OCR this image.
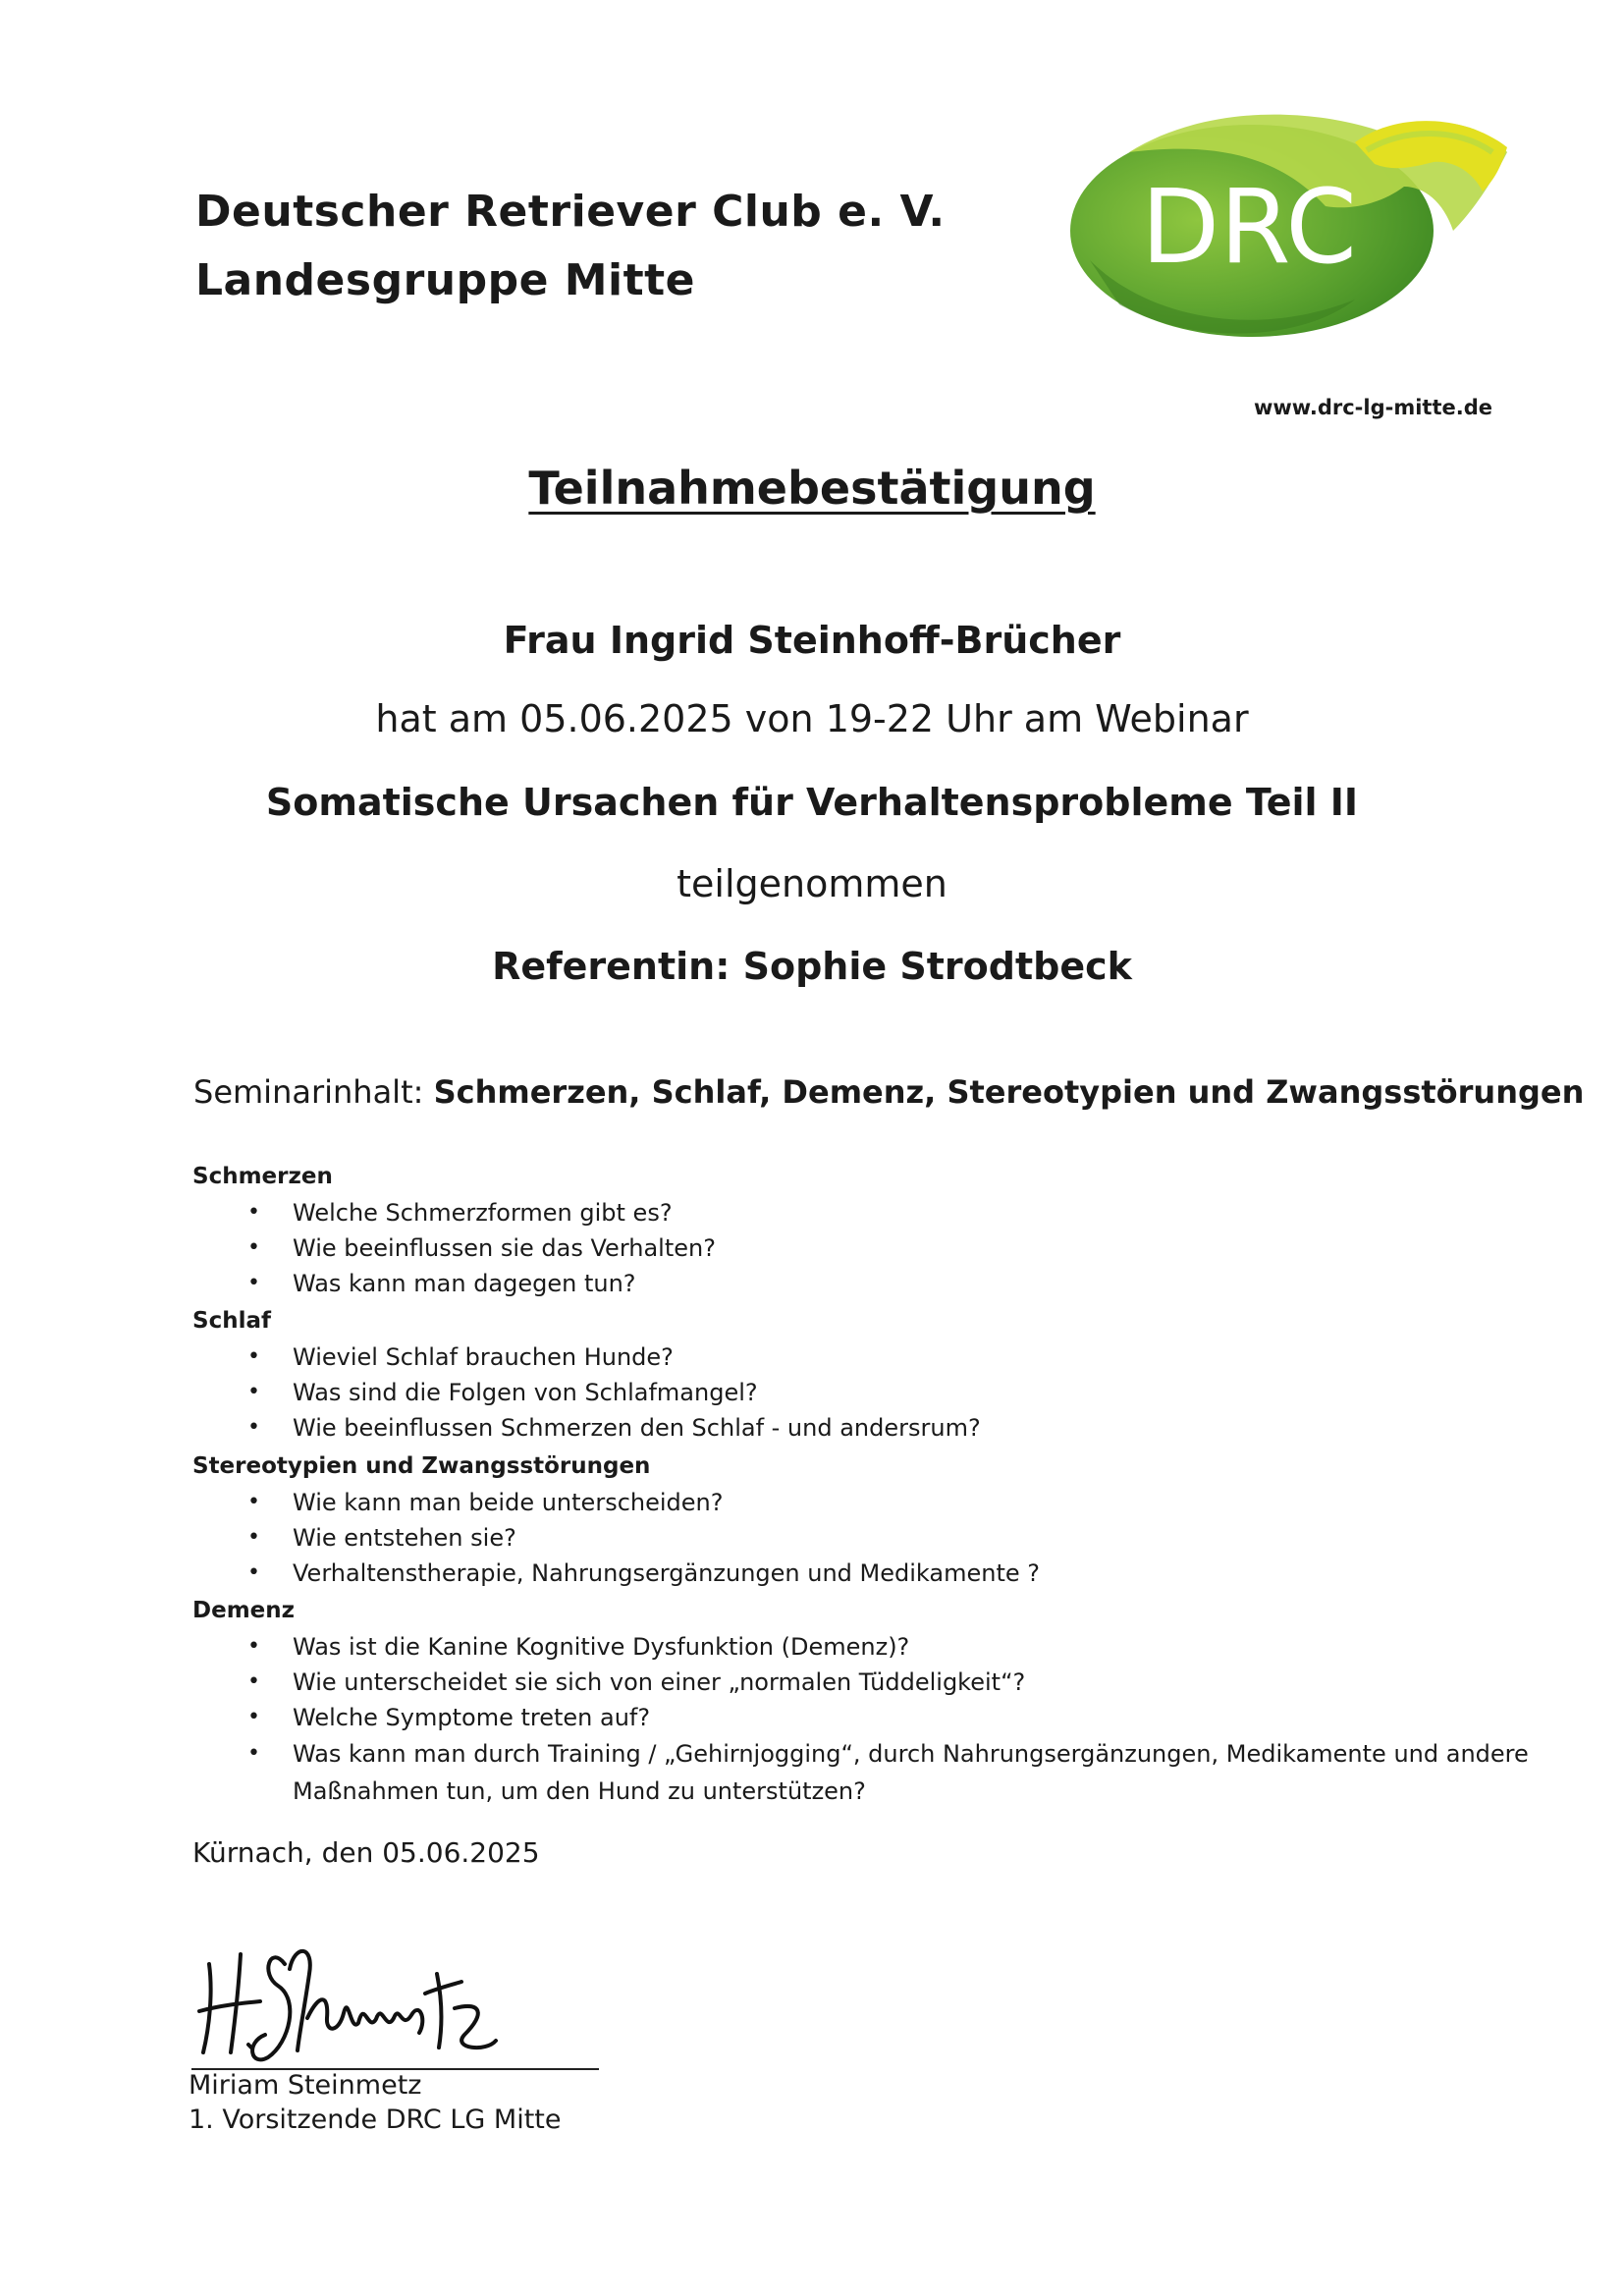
Deutscher Retriever Club e. V.
Landesgruppe Mitte	DRC
www.drc-lg-mitte.de
Teilnahmebestätigung
Frau Ingrid Steinhoff-Brücher
hat am 05.06.2025 von 19-22 Uhr am Webinar
Somatische Ursachen für Verhaltensprobleme Teil II
teilgenommen
Referentin: Sophie Strodtbeck
Seminarinhalt: Schmerzen, Schlaf, Demenz, Stereotypien und Zwangsstörungen
Schmerzen
• Welche Schmerzformen gibt es?
• Wie beeinflussen sie das Verhalten?
• Was kann man dagegen tun?
Schlaf
• Wieviel Schlaf brauchen Hunde?
• Was sind die Folgen von Schlafmangel?
• Wie beeinflussen Schmerzen den Schlaf - und andersrum?
Stereotypien und Zwangsstörungen
• Wie kann man beide unterscheiden?
• Wie entstehen sie?
• Verhaltenstherapie, Nahrungsergänzungen und Medikamente ?
Demenz
• Was ist die Kanine Kognitive Dysfunktion (Demenz)?
• Wie unterscheidet sie sich von einer „normalen Tüddeligkeit“?
• Welche Symptome treten auf?
• Was kann man durch Training / „Gehirnjogging“, durch Nahrungsergänzungen, Medikamente und andere Maßnahmen tun, um den Hund zu unterstützen?
Kürnach, den 05.06.2025
Miriam Steinmetz
1. Vorsitzende DRC LG Mitte
